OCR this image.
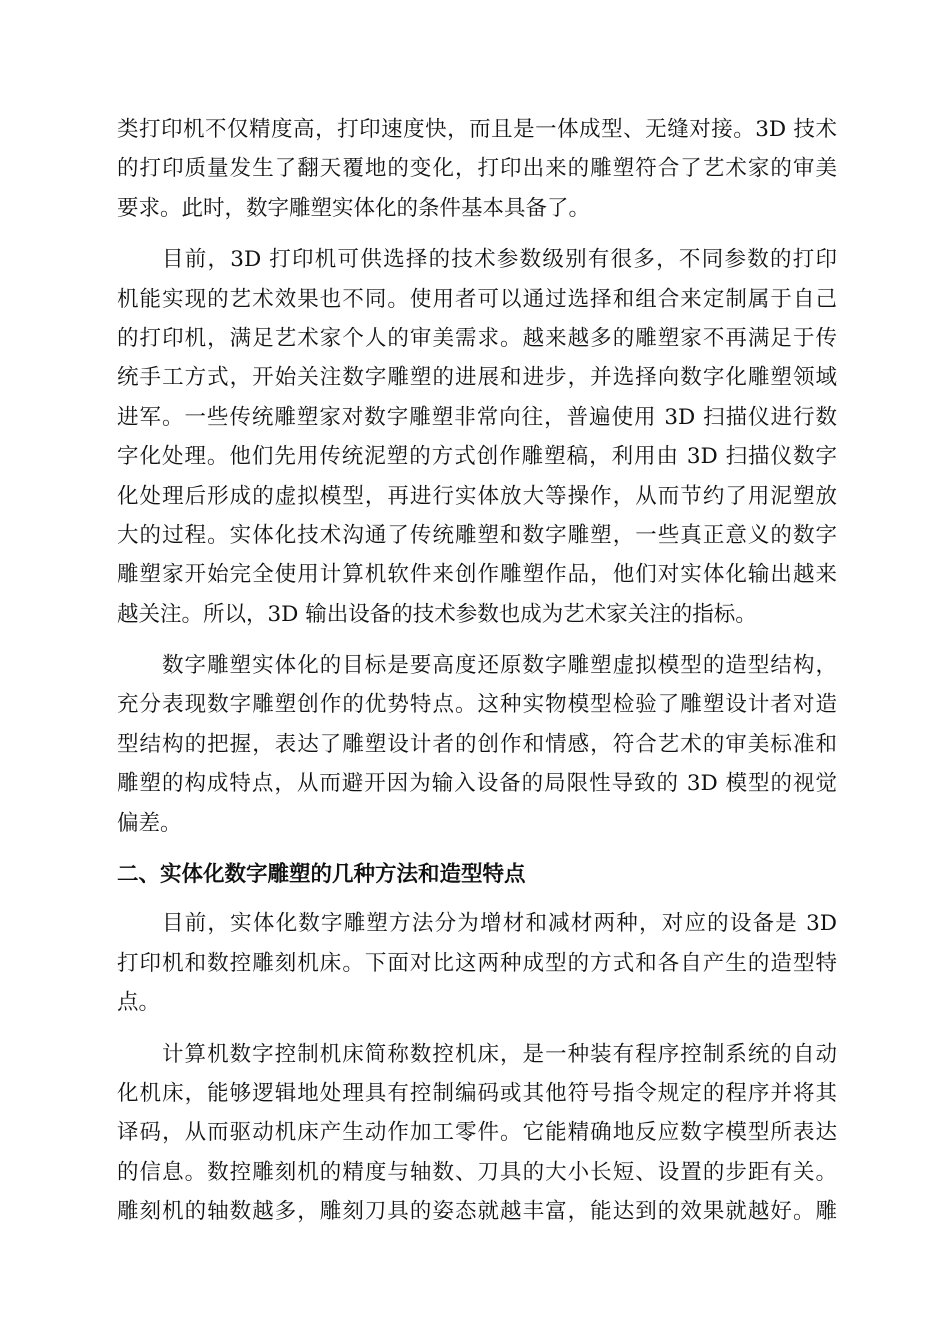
类打印机不仅精度高，打印速度快，而且是一体成型、无缝对接。3D 技术
的打印质量发生了翻天覆地的变化，打印出来的雕塑符合了艺术家的审美
要求。此时，数字雕塑实体化的条件基本具备了。
目前，3D 打印机可供选择的技术参数级别有很多，不同参数的打印
机能实现的艺术效果也不同。使用者可以通过选择和组合来定制属于自己
的打印机，满足艺术家个人的审美需求。越来越多的雕塑家不再满足于传
统手工方式，开始关注数字雕塑的进展和进步，并选择向数字化雕塑领域
进军。一些传统雕塑家对数字雕塑非常向往，普遍使用 3D 扫描仪进行数
字化处理。他们先用传统泥塑的方式创作雕塑稿，利用由 3D 扫描仪数字
化处理后形成的虚拟模型，再进行实体放大等操作，从而节约了用泥塑放
大的过程。实体化技术沟通了传统雕塑和数字雕塑，一些真正意义的数字
雕塑家开始完全使用计算机软件来创作雕塑作品，他们对实体化输出越来
越关注。所以，3D 输出设备的技术参数也成为艺术家关注的指标。
数字雕塑实体化的目标是要高度还原数字雕塑虚拟模型的造型结构，
充分表现数字雕塑创作的优势特点。这种实物模型检验了雕塑设计者对造
型结构的把握，表达了雕塑设计者的创作和情感，符合艺术的审美标准和
雕塑的构成特点，从而避开因为输入设备的局限性导致的 3D 模型的视觉
偏差。
二、实体化数字雕塑的几种方法和造型特点
目前，实体化数字雕塑方法分为增材和减材两种，对应的设备是 3D
打印机和数控雕刻机床。下面对比这两种成型的方式和各自产生的造型特
点。
计算机数字控制机床简称数控机床，是一种装有程序控制系统的自动
化机床，能够逻辑地处理具有控制编码或其他符号指令规定的程序并将其
译码，从而驱动机床产生动作加工零件。它能精确地反应数字模型所表达
的信息。数控雕刻机的精度与轴数、刀具的大小长短、设置的步距有关。
雕刻机的轴数越多，雕刻刀具的姿态就越丰富，能达到的效果就越好。雕
